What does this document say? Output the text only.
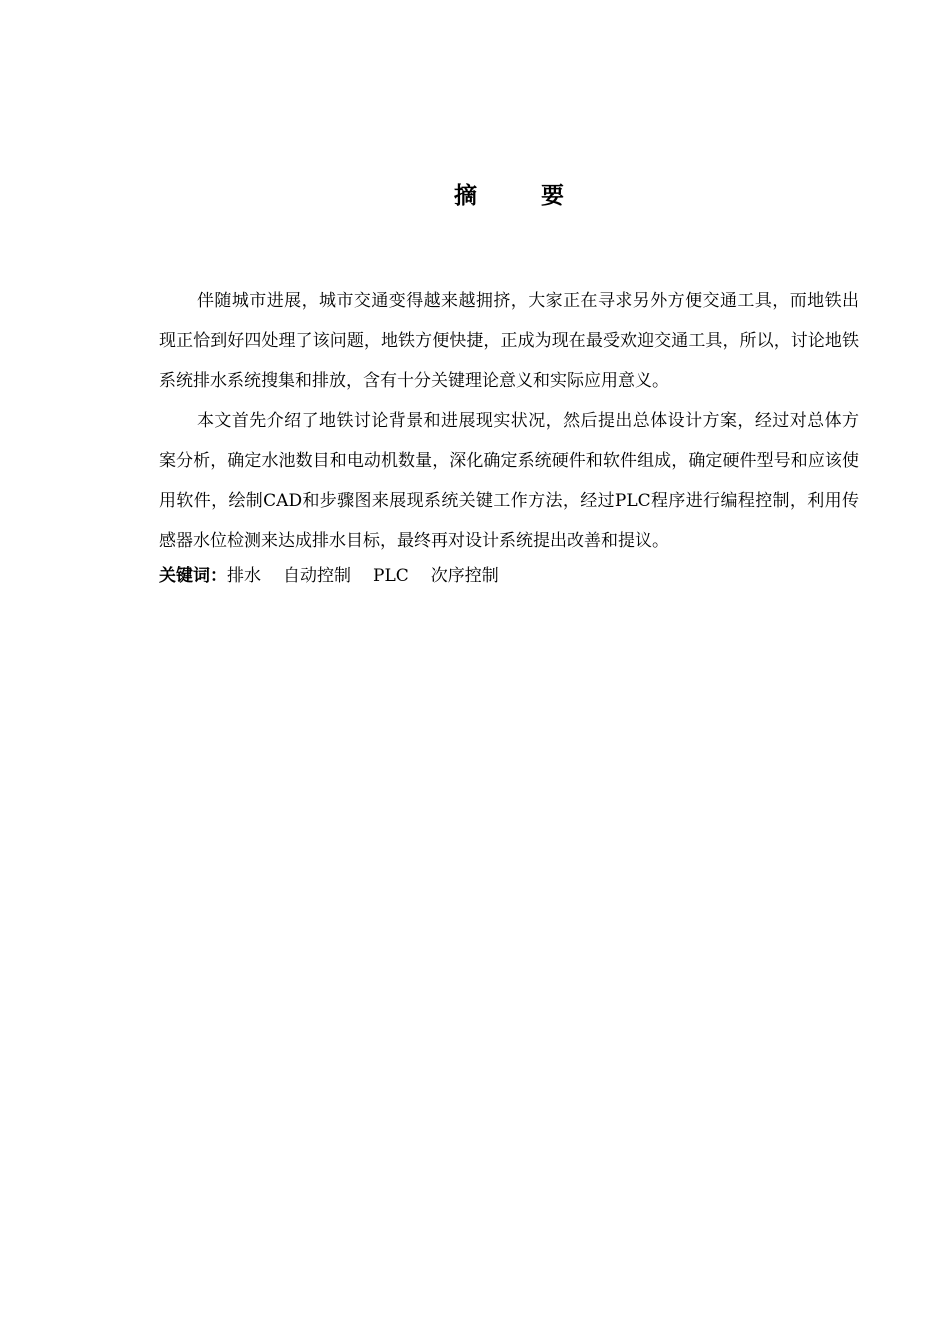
摘 要

伴随城市进展，城市交通变得越来越拥挤，大家正在寻求另外方便交通工具，而地铁出现正恰到好四处理了该问题，地铁方便快捷，正成为现在最受欢迎交通工具，所以，讨论地铁系统排水系统搜集和排放，含有十分关键理论意义和实际应用意义。

本文首先介绍了地铁讨论背景和进展现实状况，然后提出总体设计方案，经过对总体方案分析，确定水池数目和电动机数量，深化确定系统硬件和软件组成，确定硬件型号和应该使用软件，绘制CAD和步骤图来展现系统关键工作方法，经过PLC程序进行编程控制，利用传感器水位检测来达成排水目标，最终再对设计系统提出改善和提议。

关键词：排水 自动控制 PLC 次序控制
